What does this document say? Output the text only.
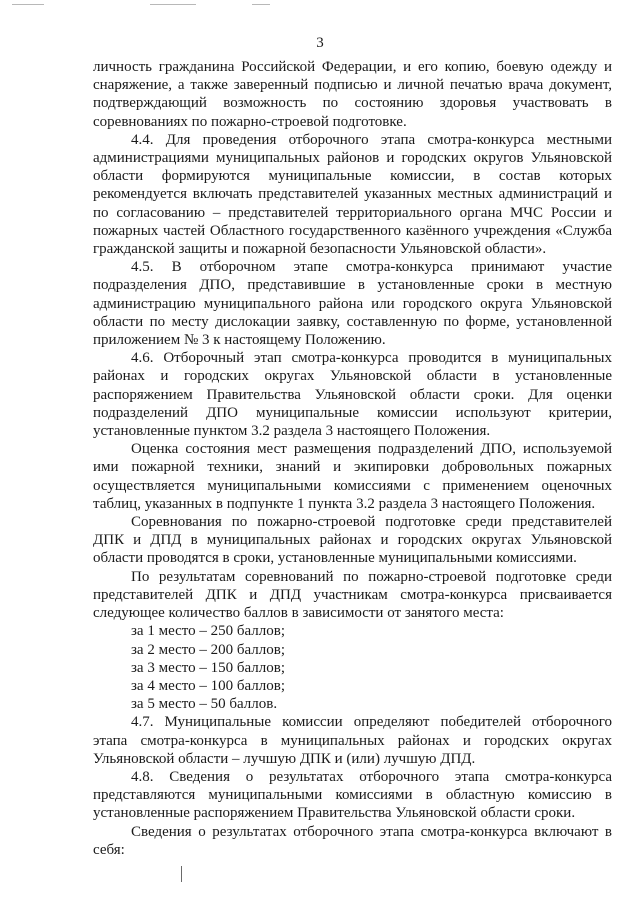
3

личность гражданина Российской Федерации, и его копию, боевую одежду и снаряжение, а также заверенный подписью и личной печатью врача документ, подтверждающий возможность по состоянию здоровья участвовать в соревнованиях по пожарно-строевой подготовке.

4.4. Для проведения отборочного этапа смотра-конкурса местными администрациями муниципальных районов и городских округов Ульяновской области формируются муниципальные комиссии, в состав которых рекомендуется включать представителей указанных местных администраций и по согласованию – представителей территориального органа МЧС России и пожарных частей Областного государственного казённого учреждения «Служба гражданской защиты и пожарной безопасности Ульяновской области».

4.5. В отборочном этапе смотра-конкурса принимают участие подразделения ДПО, представившие в установленные сроки в местную администрацию муниципального района или городского округа Ульяновской области по месту дислокации заявку, составленную по форме, установленной приложением № 3 к настоящему Положению.

4.6. Отборочный этап смотра-конкурса проводится в муниципальных районах и городских округах Ульяновской области в установленные распоряжением Правительства Ульяновской области сроки. Для оценки подразделений ДПО муниципальные комиссии используют критерии, установленные пунктом 3.2 раздела 3 настоящего Положения.

Оценка состояния мест размещения подразделений ДПО, используемой ими пожарной техники, знаний и экипировки добровольных пожарных осуществляется муниципальными комиссиями с применением оценочных таблиц, указанных в подпункте 1 пункта 3.2 раздела 3 настоящего Положения.

Соревнования по пожарно-строевой подготовке среди представителей ДПК и ДПД в муниципальных районах и городских округах Ульяновской области проводятся в сроки, установленные муниципальными комиссиями.

По результатам соревнований по пожарно-строевой подготовке среди представителей ДПК и ДПД участникам смотра-конкурса присваивается следующее количество баллов в зависимости от занятого места:

за 1 место – 250 баллов;
за 2 место – 200 баллов;
за 3 место – 150 баллов;
за 4 место – 100 баллов;
за 5 место – 50 баллов.

4.7. Муниципальные комиссии определяют победителей отборочного этапа смотра-конкурса в муниципальных районах и городских округах Ульяновской области – лучшую ДПК и (или) лучшую ДПД.

4.8. Сведения о результатах отборочного этапа смотра-конкурса представляются муниципальными комиссиями в областную комиссию в установленные распоряжением Правительства Ульяновской области сроки.

Сведения о результатах отборочного этапа смотра-конкурса включают в себя:
